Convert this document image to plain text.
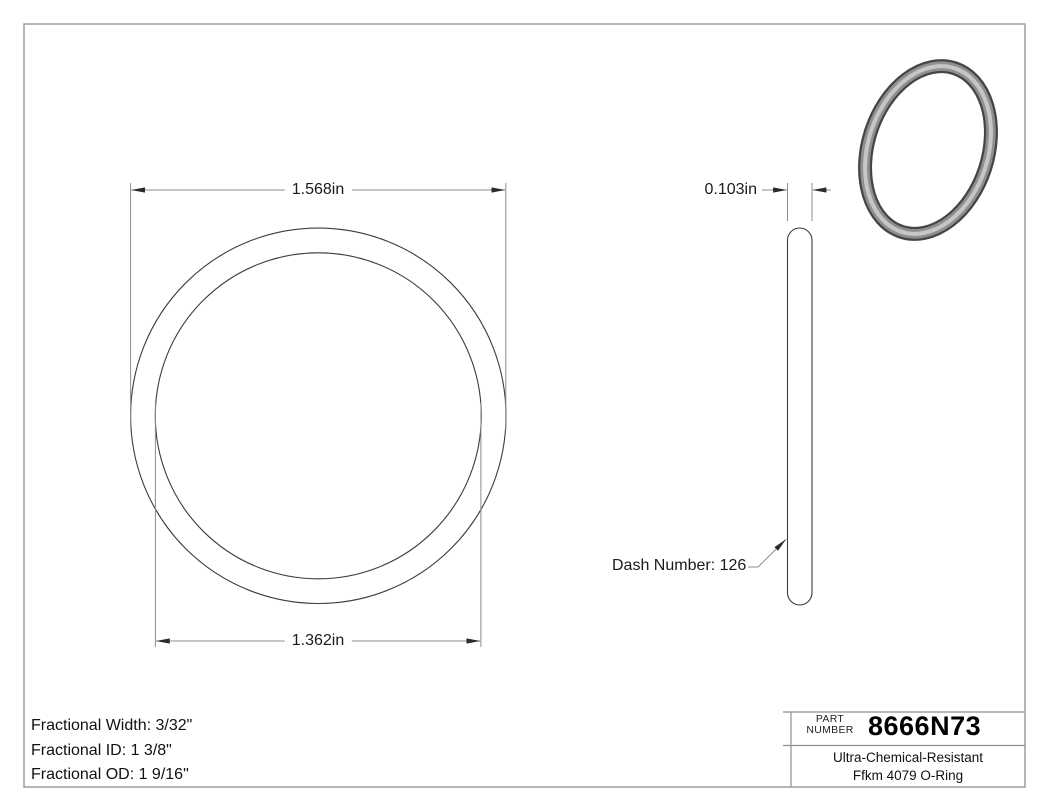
1.568in
1.362in
0.103in
Dash Number: 126
Fractional Width: 3/32"
Fractional ID: 1 3/8"
Fractional OD: 1 9/16"
PART
NUMBER 8666N73
Ultra-Chemical-Resistant
Ffkm 4079 O-Ring
